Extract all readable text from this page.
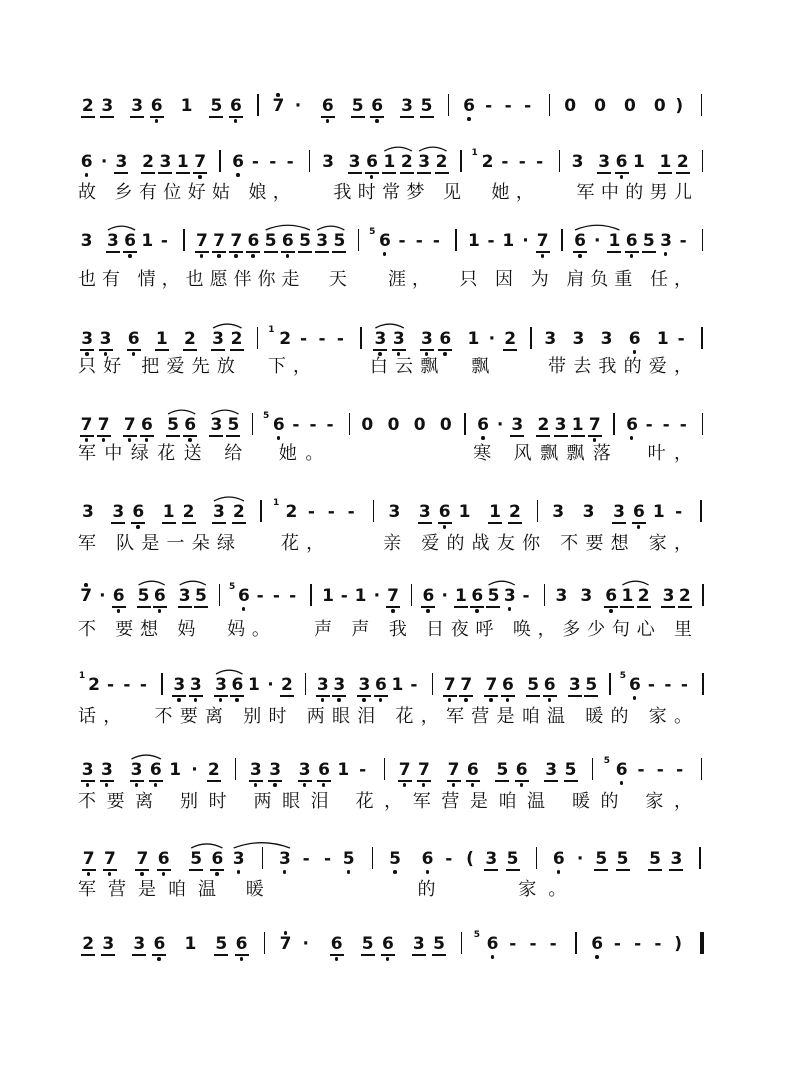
2 3 3 6 1 5 6 7 · 6 5 6 3 5 6 - - - 0 0 0 0 )
6 · 3 2 3 1 7 6 - - - 3 3 6 1 2 3 2	1 2 - - - 3 3 6 1 1 2
故 乡有位好姑 娘，   我时常梦 见  她，   军中的男儿
3 3 6 1 - 7 7 7 6 5 6 5 3 5	5 6 - - - 1 - 1 · 7 6 · 1 6 5 3 -
也有 情，也愿伴你走  天   涯，  只 因 为 肩负重 任，
3 3 6 1 2 3 2	1 2 - - - 3 3 3 6 1 · 2 3 3 3 6 1 -
只好 把爱先放  下，    白云飘  飘    带去我的爱，
7 7 7 6 5 6 3 5	5 6 - - - 0 0 0 0 6 · 3 2 3 1 7 6 - - -
军中绿花送 给  她。          寒 风飘飘落  叶，
3 3 6 1 2 3 2	1 2 - - - 3 3 6 1 1 2 3 3 3 6 1 -
军 队是一朵绿   花，    亲 爱的战友你 不要想 家，
7 · 6 5 6 3 5 5 6 - - - 1 - 1 · 7 6 · 1 6 5 3 - 3 3 6 1 2 3 2
不 要想 妈  妈。   声 声 我 日夜呼 唤，多少句心 里
1 2 - - - 3 3 3 6 1 · 2 3 3 3 6 1 - 7 7 7 6 5 6 3 5	5 6 - - -
话，  不要离 别时 两眼泪 花，军营是咱温 暖的 家。
3 3 3 6 1 · 2 3 3 3 6 1 - 7 7 7 6 5 6 3 5	5 6 - - -
不要离 别时 两眼泪 花，军营是咱温 暖的 家，
7 7 7 6 5 6 3 3 - - 5 5 6 - ( 3 5 6 · 5 5 5 3
军营是咱温 暖        的    家。
2 3 3 6 1 5 6 7 · 6 5 6 3 5	5 6 - - - 6 - - - )
